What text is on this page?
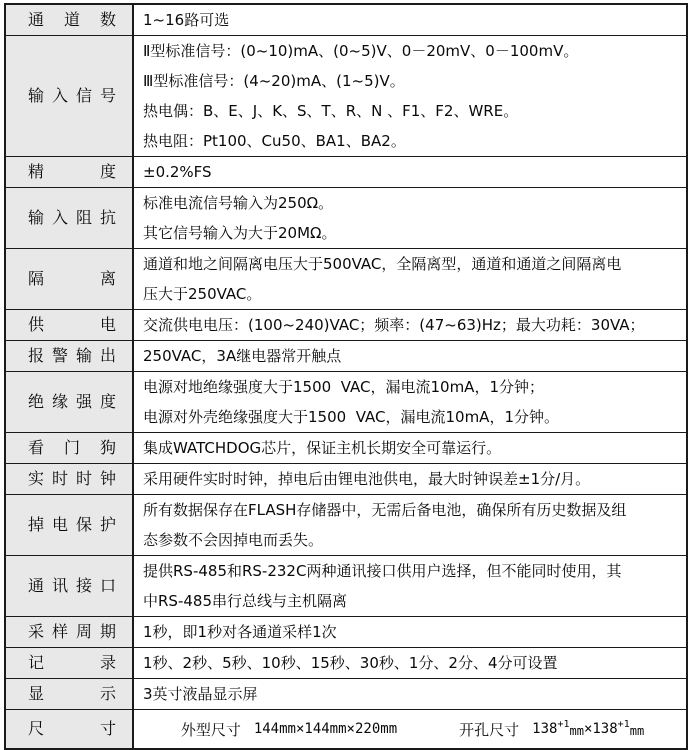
通道数 1~16路可选
输入信号
Ⅱ型标准信号：(0~10)mA、(0~5)V、0－20mV、0－100mV。
Ⅲ型标准信号：(4~20)mA、(1~5)V。
热电偶：B、E、J、K、S、T、R、N 、F1、F2、WRE。
热电阻：Pt100、Cu50、BA1、BA2。
精度 ±0.2%FS
输入阻抗
标准电流信号输入为250Ω。
其它信号输入为大于20MΩ。
隔离
通道和地之间隔离电压大于500VAC，全隔离型，通道和通道之间隔离电
压大于250VAC。
供电 交流供电电压：(100~240)VAC；频率：(47~63)Hz；最大功耗：30VA；
报警输出 250VAC，3A继电器常开触点
绝缘强度
电源对地绝缘强度大于1500  VAC，漏电流10mA，1分钟；
电源对外壳绝缘强度大于1500  VAC，漏电流10mA，1分钟。
看门狗 集成WATCHDOG芯片，保证主机长期安全可靠运行。
实时时钟 采用硬件实时时钟，掉电后由锂电池供电，最大时钟误差±1分/月。
掉电保护
所有数据保存在FLASH存储器中，无需后备电池，确保所有历史数据及组
态参数不会因掉电而丢失。
通讯接口
提供RS-485和RS-232C两种通讯接口供用户选择，但不能同时使用，其
中RS-485串行总线与主机隔离
采样周期 1秒，即1秒对各通道采样1次
记录 1秒、2秒、5秒、10秒、15秒、30秒、1分、2分、4分可设置
显示 3英寸液晶显示屏
尺寸	外型尺寸 144mm×144mm×220mm	开孔尺寸 $138^{+1}mm\times 138^{+1}mm$
